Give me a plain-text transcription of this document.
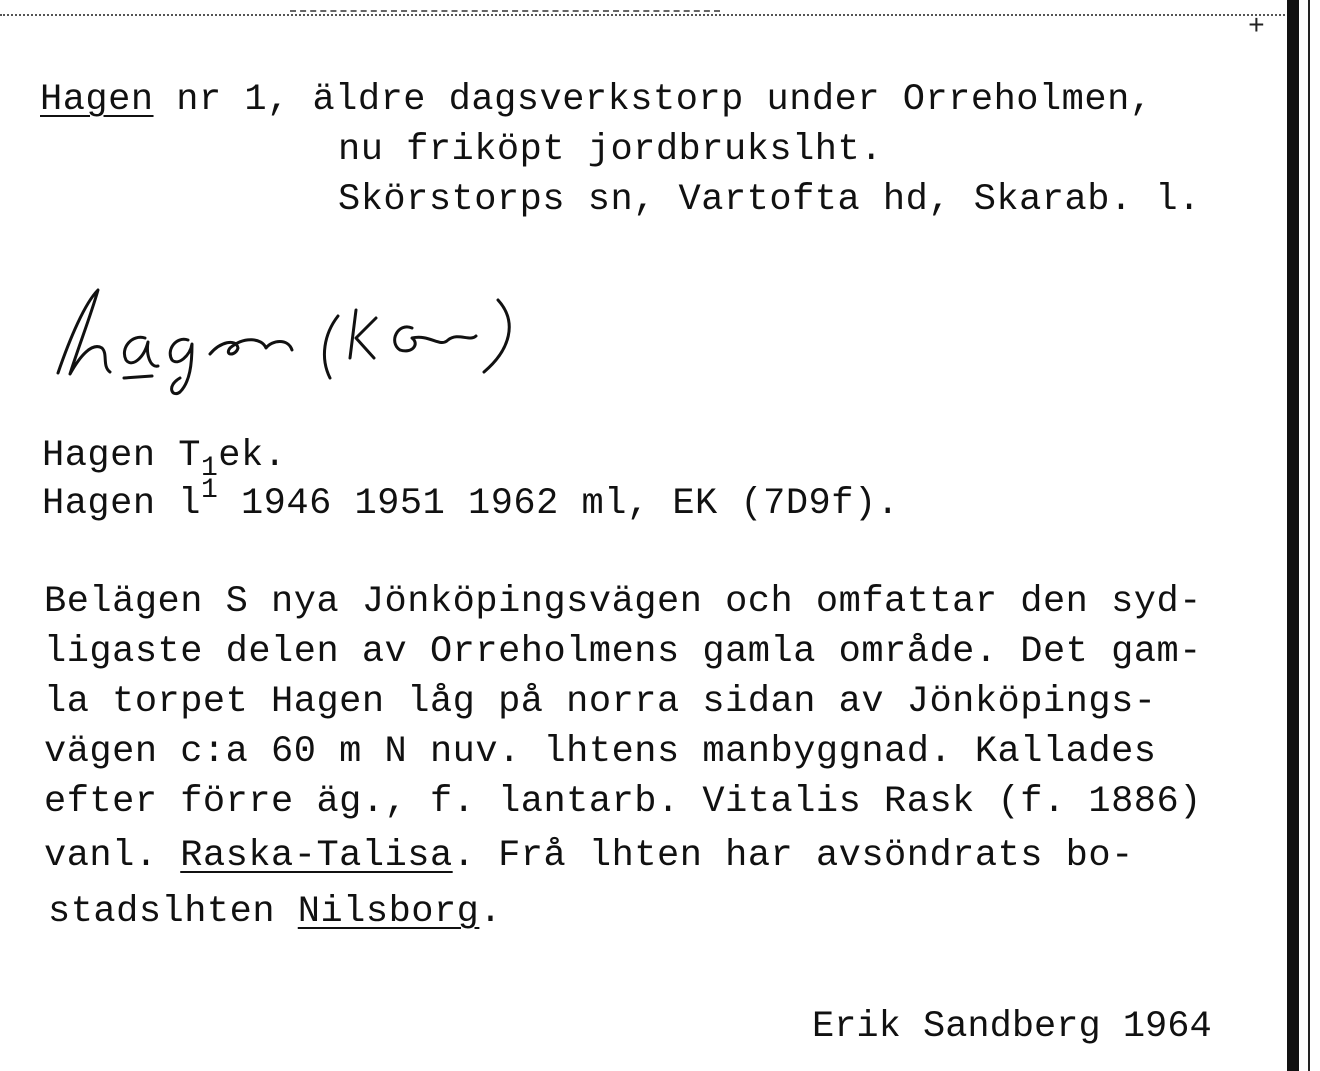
+
Hagen nr 1, äldre dagsverkstorp under Orreholmen,
nu friköpt jordbrukslht.
Skörstorps sn, Vartofta hd, Skarab. l.
hagen (KGru)
Hagen $T_1ek$.
Hagen $l^1$ 1946 1951 1962 ml, EK (7D9f).
Belägen S nya Jönköpingsvägen och omfattar den syd-
ligaste delen av Orreholmens gamla område. Det gam-
la torpet Hagen låg på norra sidan av Jönköpings-
vägen c:a 60 m N nuv. lhtens manbyggnad. Kallades
efter förre äg., f. lantarb. Vitalis Rask (f. 1886)
vanl. Raska-Talisa. Frå lhten har avsöndrats bo-
stadslhten Nilsborg.
Erik Sandberg 1964
